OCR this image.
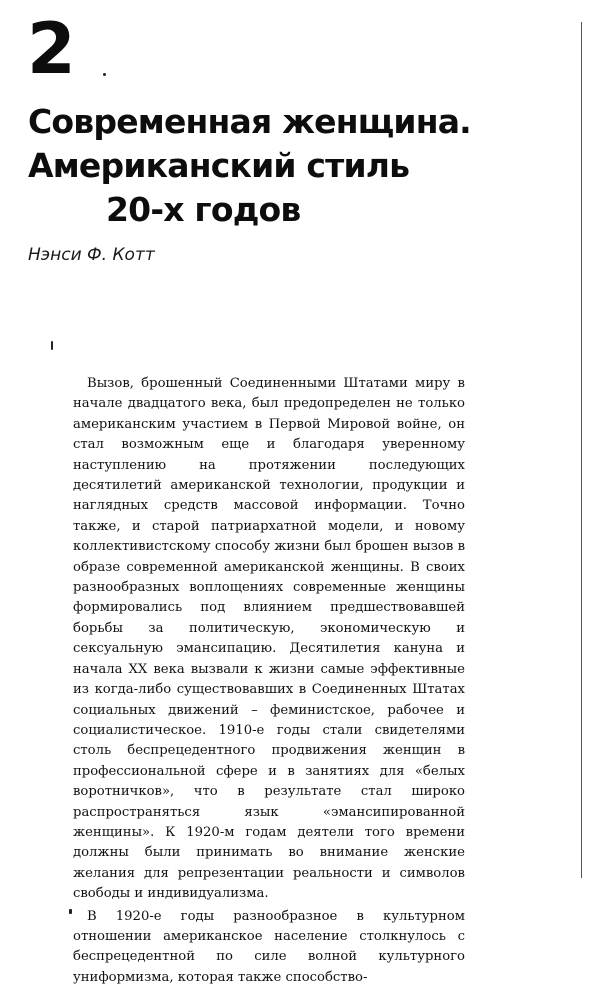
2
Современная женщина.
Американский стиль
20-х годов
Нэнси Ф. Котт

Вызов, брошенный Соединенными Штатами миру в начале двадцатого века, был предопределен не только американским участием в Первой Мировой войне, он стал возможным еще и благодаря уверенному наступлению на протяжении последующих десятилетий американской технологии, продукции и наглядных средств массовой информации. Точно также, и старой патриархатной модели, и новому коллективистскому способу жизни был брошен вызов в образе современной американской женщины. В своих разнообразных воплощениях современные женщины формировались под влиянием предшествовавшей борьбы за политическую, экономическую и сексуальную эмансипацию. Десятилетия кануна и начала XX века вызвали к жизни самые эффективные из когда-либо существовавших в Соединенных Штатах социальных движений – феминистское, рабочее и социалистическое. 1910-е годы стали свидетелями столь беспрецедентного продвижения женщин в профессиональной сфере и в занятиях для «белых воротничков», что в результате стал широко распространяться язык «эмансипированной женщины». К 1920-м годам деятели того времени должны были принимать во внимание женские желания для репрезентации реальности и символов свободы и индивидуализма.

В 1920-е годы разнообразное в культурном отношении американское население столкнулось с беспрецедентной по силе волной культурного униформизма, которая также способство-
